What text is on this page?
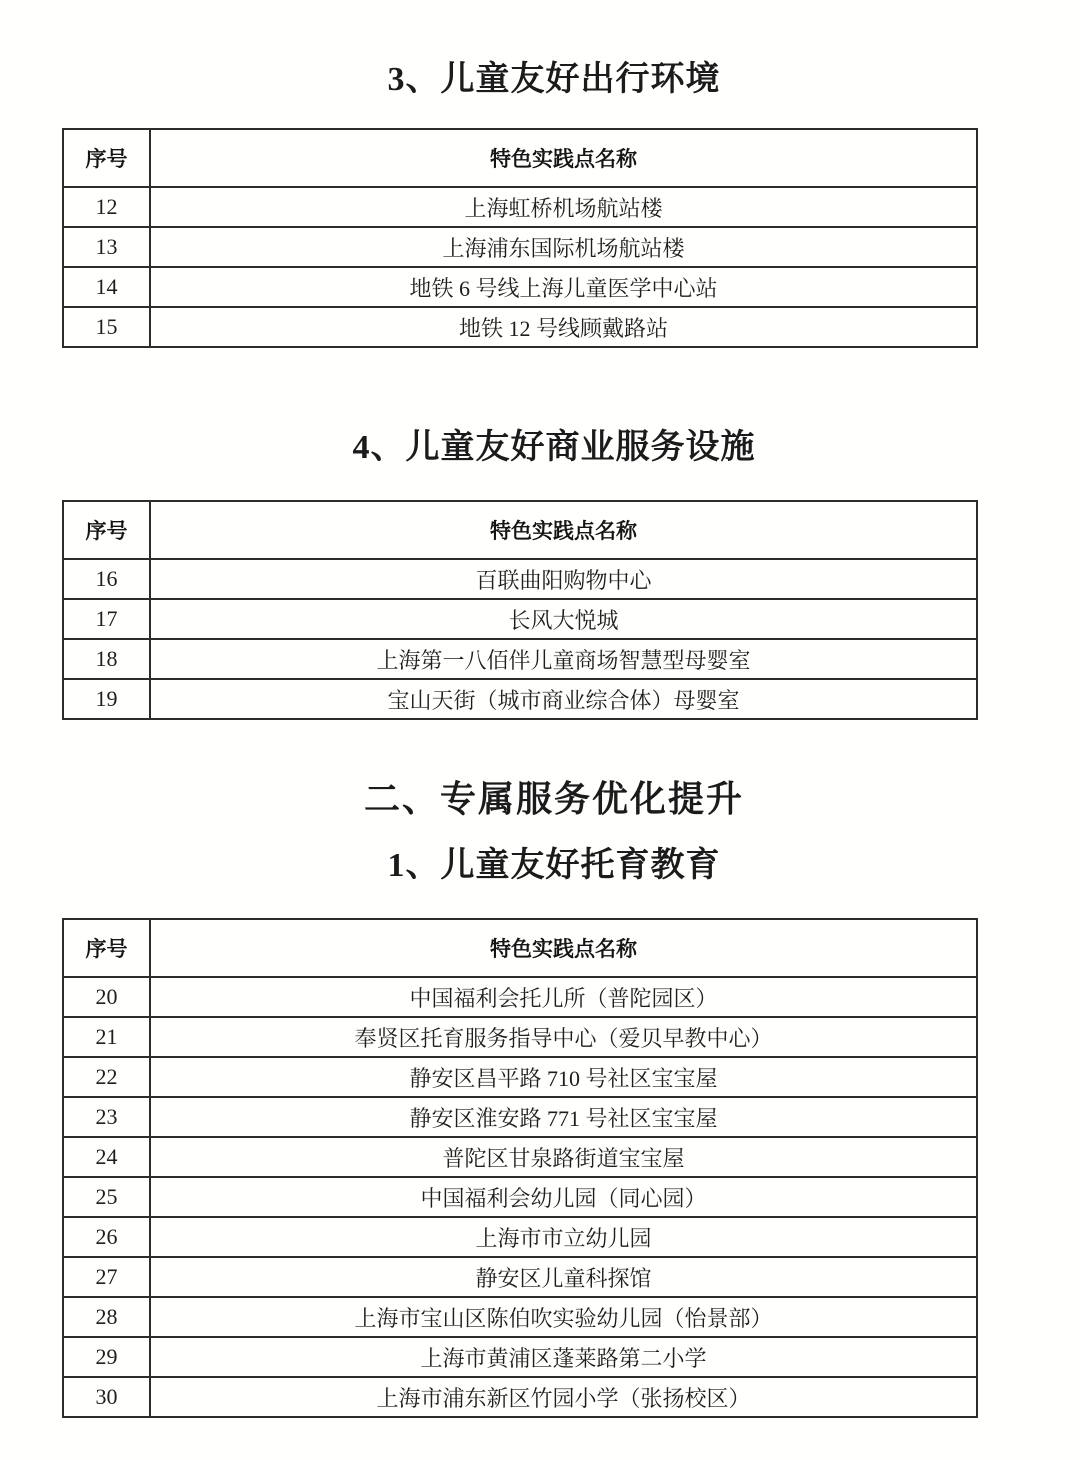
3、儿童友好出行环境
序号	特色实践点名称
12	上海虹桥机场航站楼
13	上海浦东国际机场航站楼
14	地铁 6 号线上海儿童医学中心站
15	地铁 12 号线顾戴路站
4、儿童友好商业服务设施
序号	特色实践点名称
16	百联曲阳购物中心
17	长风大悦城
18	上海第一八佰伴儿童商场智慧型母婴室
19	宝山天街（城市商业综合体）母婴室
二、专属服务优化提升
1、儿童友好托育教育
序号	特色实践点名称
20	中国福利会托儿所（普陀园区）
21	奉贤区托育服务指导中心（爱贝早教中心）
22	静安区昌平路 710 号社区宝宝屋
23	静安区淮安路 771 号社区宝宝屋
24	普陀区甘泉路街道宝宝屋
25	中国福利会幼儿园（同心园）
26	上海市市立幼儿园
27	静安区儿童科探馆
28	上海市宝山区陈伯吹实验幼儿园（怡景部）
29	上海市黄浦区蓬莱路第二小学
30	上海市浦东新区竹园小学（张扬校区）
